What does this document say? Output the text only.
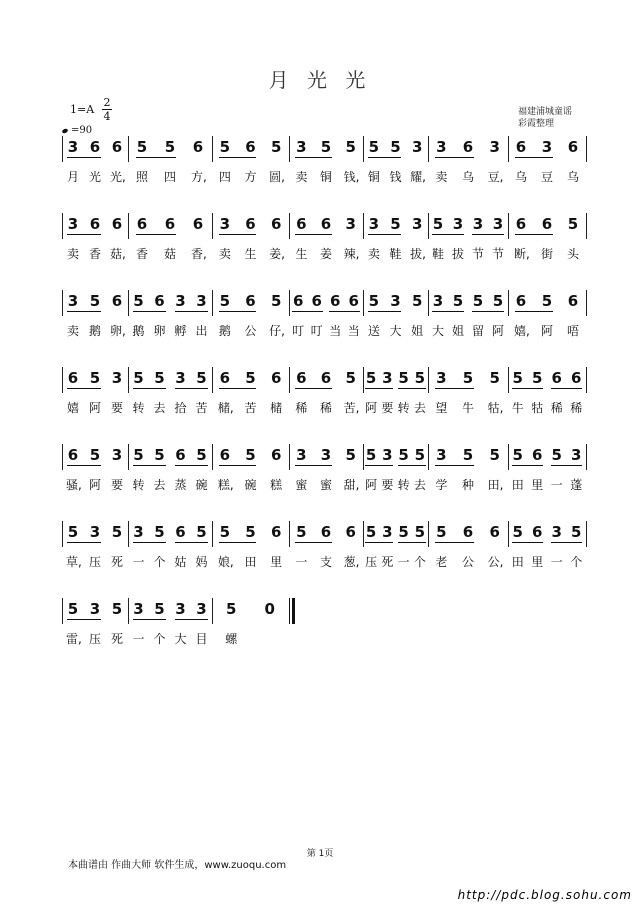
月 光 光
1=A
2
4
=90
福建浦城童谣
彩霞整理
3 6 6 5 5 6 5 6 5 3 5 5 5 5 3 3 6 3 6 3 6
月 光 光, 照 四 方, 四 方 圆, 卖 铜 钱, 铜 钱 耀, 卖 乌 豆, 乌 豆 乌
3 6 6 6 6 6 3 6 6 6 6 3 3 5 3 5 3 3 3 6 6 5
卖 香 菇, 香 菇 香, 卖 生 姜, 生 姜 辣, 卖 鞋 拔, 鞋 拔 节 节 断, 街 头
3 5 6 5 6 3 3 5 6 5 6 6 6 6 5 3 5 3 5 5 5 6 5 6
卖 鹅 卵, 鹅 卵 孵 出 鹅 公 仔, 叮 叮 当 当 送 大 姐 大 姐 留 阿 嬉, 阿 唔
6 5 3 5 5 3 5 6 5 6 6 6 5 5 3 5 5 3 5 5 5 5 6 6
嬉 阿 要 转 去 拾 苦 槠, 苦 槠 稀 稀 苦, 阿 要 转 去 望 牛 牯, 牛 牯 稀 稀
6 5 3 5 5 6 5 6 5 6 3 3 5 5 3 5 5 3 5 5 5 6 5 3
骚, 阿 要 转 去 蒸 碗 糕, 碗 糕 蜜 蜜 甜, 阿 要 转 去 学 种 田, 田 里 一 蓬
5 3 5 3 5 6 5 5 5 6 5 6 6 5 3 5 5 5 6 6 5 6 3 5
草, 压 死 一 个 姑 妈 娘, 田 里 一 支 葱, 压 死 一 个 老 公 公, 田 里 一 个
5 3 5 3 5 3 3 5 0
雷, 压 死 一 个 大 目 螺
第 1页
本曲谱由 作曲大师 软件生成，www.zuoqu.com
http://pdc.blog.sohu.com
